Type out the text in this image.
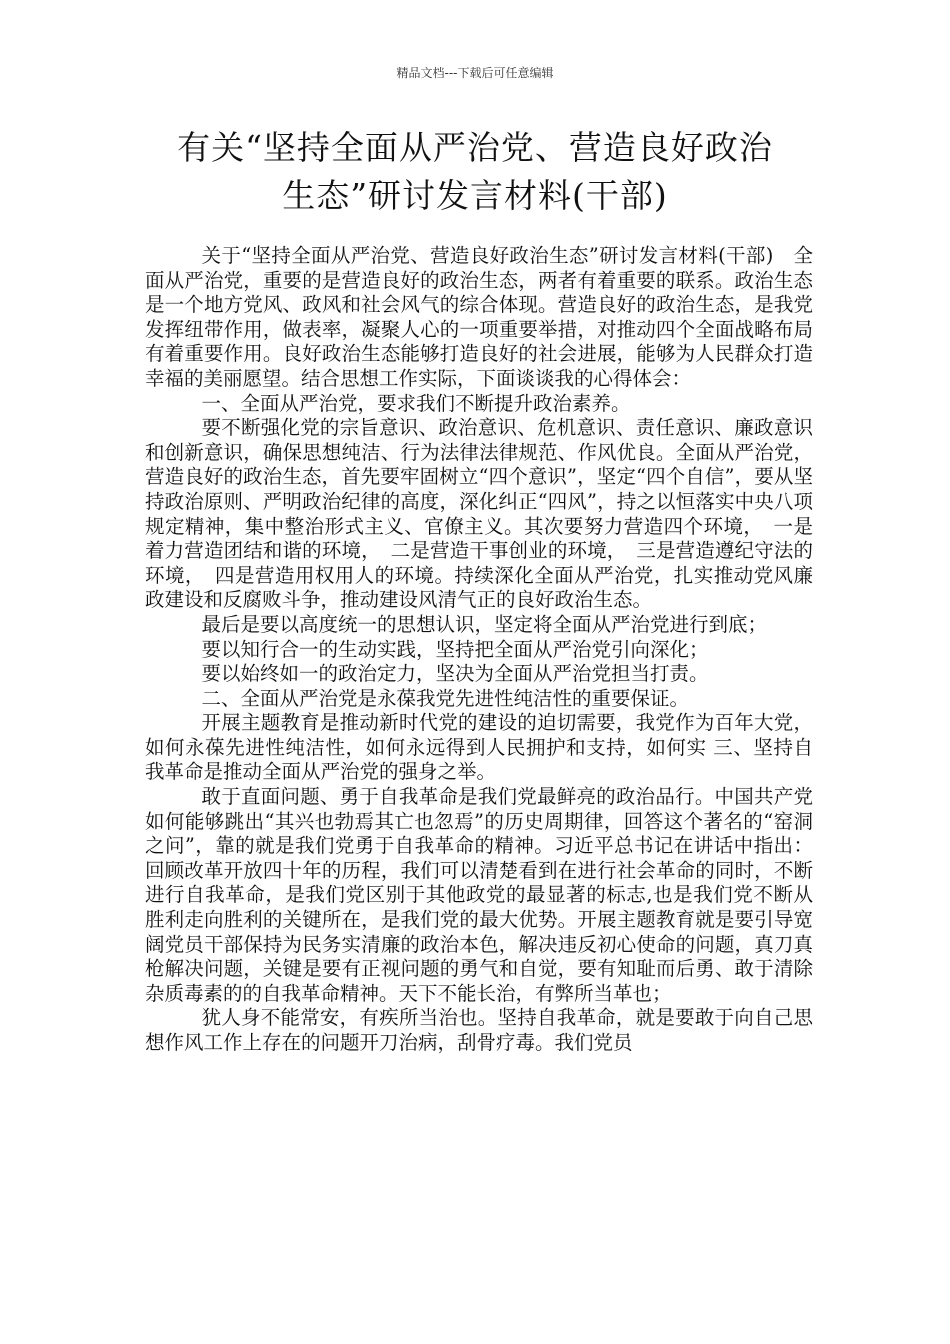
精品文档---下载后可任意编辑
有关“坚持全面从严治党、营造良好政治
生态”研讨发言材料(干部)

关于“坚持全面从严治党、营造良好政治生态”研讨发言材料(干部)　全面从严治党，重要的是营造良好的政治生态，两者有着重要的联系。政治生态是一个地方党风、政风和社会风气的综合体现。营造良好的政治生态，是我党发挥纽带作用，做表率，凝聚人心的一项重要举措，对推动四个全面战略布局有着重要作用。良好政治生态能够打造良好的社会进展，能够为人民群众打造幸福的美丽愿望。结合思想工作实际，下面谈谈我的心得体会：

一、全面从严治党，要求我们不断提升政治素养。

要不断强化党的宗旨意识、政治意识、危机意识、责任意识、廉政意识和创新意识，确保思想纯洁、行为法律法律规范、作风优良。全面从严治党，营造良好的政治生态，首先要牢固树立“四个意识”，坚定“四个自信”，要从坚持政治原则、严明政治纪律的高度，深化纠正“四风”，持之以恒落实中央八项规定精神，集中整治形式主义、官僚主义。其次要努力营造四个环境，　一是着力营造团结和谐的环境，　二是营造干事创业的环境，　三是营造遵纪守法的环境，　四是营造用权用人的环境。持续深化全面从严治党，扎实推动党风廉政建设和反腐败斗争，推动建设风清气正的良好政治生态。

最后是要以高度统一的思想认识，坚定将全面从严治党进行到底；

要以知行合一的生动实践，坚持把全面从严治党引向深化；

要以始终如一的政治定力，坚决为全面从严治党担当打责。

二、全面从严治党是永葆我党先进性纯洁性的重要保证。

开展主题教育是推动新时代党的建设的迫切需要，我党作为百年大党，如何永葆先进性纯洁性，如何永远得到人民拥护和支持，如何实 三、坚持自我革命是推动全面从严治党的强身之举。

敢于直面问题、勇于自我革命是我们党最鲜亮的政治品行。中国共产党如何能够跳出“其兴也勃焉其亡也忽焉”的历史周期律，回答这个著名的“窑洞之问”，靠的就是我们党勇于自我革命的精神。习近平总书记在讲话中指出：回顾改革开放四十年的历程，我们可以清楚看到在进行社会革命的同时，不断进行自我革命，是我们党区别于其他政党的最显著的标志,也是我们党不断从胜利走向胜利的关键所在，是我们党的最大优势。开展主题教育就是要引导宽阔党员干部保持为民务实清廉的政治本色，解决违反初心使命的问题，真刀真枪解决问题，关键是要有正视问题的勇气和自觉，要有知耻而后勇、敢于清除杂质毒素的的自我革命精神。天下不能长治，有弊所当革也；

犹人身不能常安，有疾所当治也。坚持自我革命，就是要敢于向自己思想作风工作上存在的问题开刀治病，刮骨疗毒。我们党员
